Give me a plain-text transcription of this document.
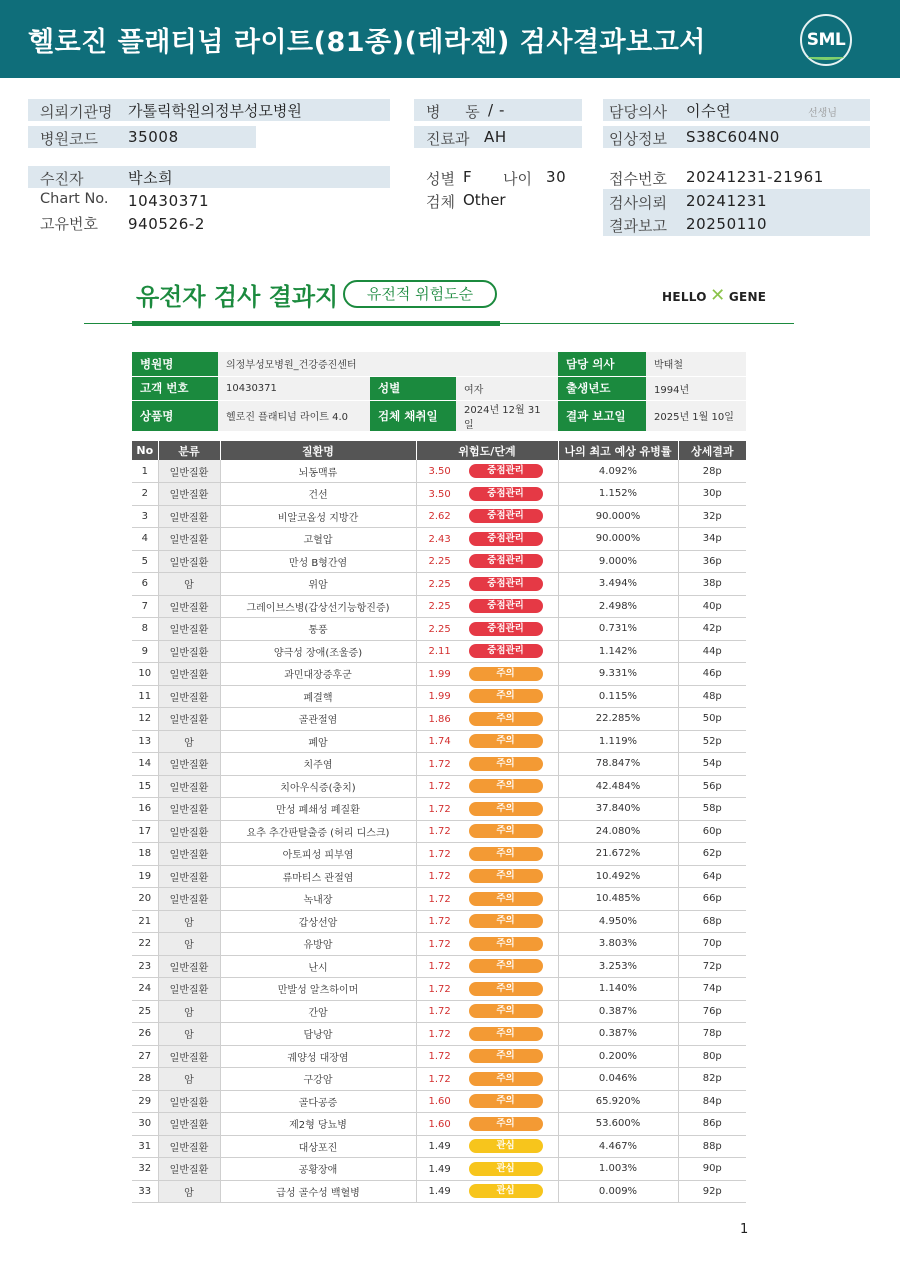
헬로진 플래티넘 라이트(81종)(테라젠) 검사결과보고서	SML
의뢰기관명 가톨릭학원의정부성모병원
병원코드 35008
병 동
/ -
진료과 AH
담당의사 이수연	선생님
임상정보 S38C604N0
수진자	박소희
Chart No. 10430371
고유번호 940526-2
성별 F 나이 30
검체 Other
접수번호 20241231-21961
검사의뢰 20241231
결과보고 20250110
유전자 검사 결과지	유전적 위험도순	HELLO ✕ GENE
병원명	의정부성모병원_건강증진센터			담당 의사	박태철
고객 번호	10430371	성별	여자	출생년도	1994년
상품명	헬로진 플래티넘 라이트 4.0	검체 채취일	2024년 12월 31일	결과 보고일	2025년 1월 10일
No	분류	질환명	위험도/단계	나의 최고 예상 유병률	상세결과
1	일반질환	뇌동맥류	3.50 중점관리	4.092%	28p
2	일반질환	건선	3.50 중점관리	1.152%	30p
3	일반질환	비알코올성 지방간	2.62 중점관리	90.000%	32p
4	일반질환	고혈압	2.43 중점관리	90.000%	34p
5	일반질환	만성 B형간염	2.25 중점관리	9.000%	36p
6	암	위암	2.25 중점관리	3.494%	38p
7	일반질환	그레이브스병(갑상선기능항진증)	2.25 중점관리	2.498%	40p
8	일반질환	통풍	2.25 중점관리	0.731%	42p
9	일반질환	양극성 장애(조울증)	2.11 중점관리	1.142%	44p
10	일반질환	과민대장증후군	1.99 주의	9.331%	46p
11	일반질환	폐결핵	1.99 주의	0.115%	48p
12	일반질환	골관절염	1.86 주의	22.285%	50p
13	암	폐암	1.74 주의	1.119%	52p
14	일반질환	치주염	1.72 주의	78.847%	54p
15	일반질환	치아우식증(충치)	1.72 주의	42.484%	56p
16	일반질환	만성 폐쇄성 폐질환	1.72 주의	37.840%	58p
17	일반질환	요추 추간판탈출증 (허리 디스크)	1.72 주의	24.080%	60p
18	일반질환	아토피성 피부염	1.72 주의	21.672%	62p
19	일반질환	류마티스 관절염	1.72 주의	10.492%	64p
20	일반질환	녹내장	1.72 주의	10.485%	66p
21	암	갑상선암	1.72 주의	4.950%	68p
22	암	유방암	1.72 주의	3.803%	70p
23	일반질환	난시	1.72 주의	3.253%	72p
24	일반질환	만발성 알츠하이머	1.72 주의	1.140%	74p
25	암	간암	1.72 주의	0.387%	76p
26	암	담낭암	1.72 주의	0.387%	78p
27	일반질환	궤양성 대장염	1.72 주의	0.200%	80p
28	암	구강암	1.72 주의	0.046%	82p
29	일반질환	골다공증	1.60 주의	65.920%	84p
30	일반질환	제2형 당뇨병	1.60 주의	53.600%	86p
31	일반질환	대상포진	1.49 관심	4.467%	88p
32	일반질환	공황장애	1.49 관심	1.003%	90p
33	암	급성 골수성 백혈병	1.49 관심	0.009%	92p
1
